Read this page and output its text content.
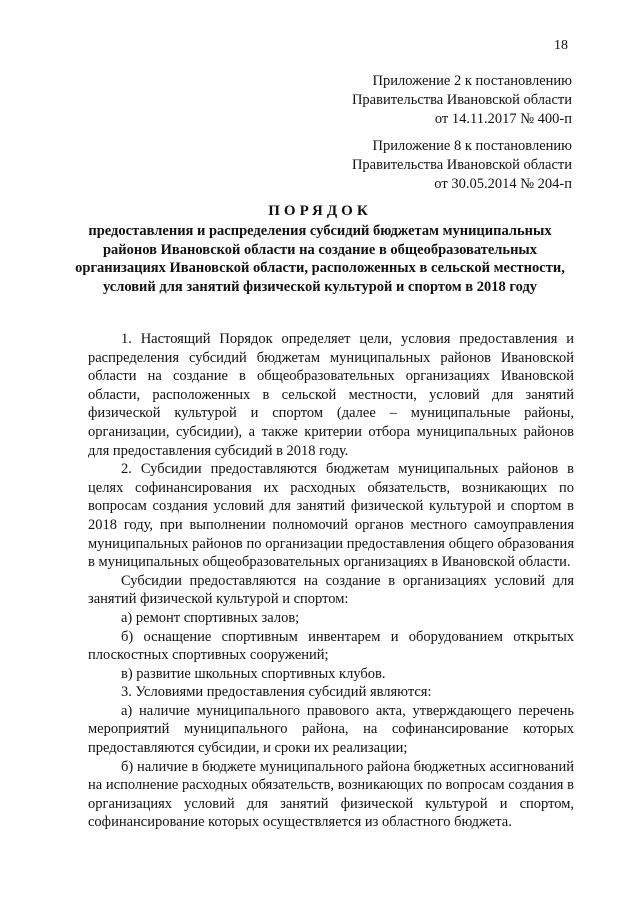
18
Приложение 2 к постановлению
Правительства Ивановской области
от 14.11.2017 № 400-п
Приложение 8 к постановлению
Правительства Ивановской области
от 30.05.2014 № 204-п
ПОРЯДОК
предоставления и распределения субсидий бюджетам муниципальных районов Ивановской области на создание в общеобразовательных организациях Ивановской области, расположенных в сельской местности, условий для занятий физической культурой и спортом в 2018 году

1. Настоящий Порядок определяет цели, условия предоставления и распределения субсидий бюджетам муниципальных районов Ивановской области на создание в общеобразовательных организациях Ивановской области, расположенных в сельской местности, условий для занятий физической культурой и спортом (далее – муниципальные районы, организации, субсидии), а также критерии отбора муниципальных районов для предоставления субсидий в 2018 году.

2. Субсидии предоставляются бюджетам муниципальных районов в целях софинансирования их расходных обязательств, возникающих по вопросам создания условий для занятий физической культурой и спортом в 2018 году, при выполнении полномочий органов местного самоуправления муниципальных районов по организации предоставления общего образования в муниципальных общеобразовательных организациях в Ивановской области.

Субсидии предоставляются на создание в организациях условий для занятий физической культурой и спортом:

а) ремонт спортивных залов;

б) оснащение спортивным инвентарем и оборудованием открытых плоскостных спортивных сооружений;

в) развитие школьных спортивных клубов.

3. Условиями предоставления субсидий являются:

а) наличие муниципального правового акта, утверждающего перечень мероприятий муниципального района, на софинансирование которых предоставляются субсидии, и сроки их реализации;

б) наличие в бюджете муниципального района бюджетных ассигнований на исполнение расходных обязательств, возникающих по вопросам создания в организациях условий для занятий физической культурой и спортом, софинансирование которых осуществляется из областного бюджета.
